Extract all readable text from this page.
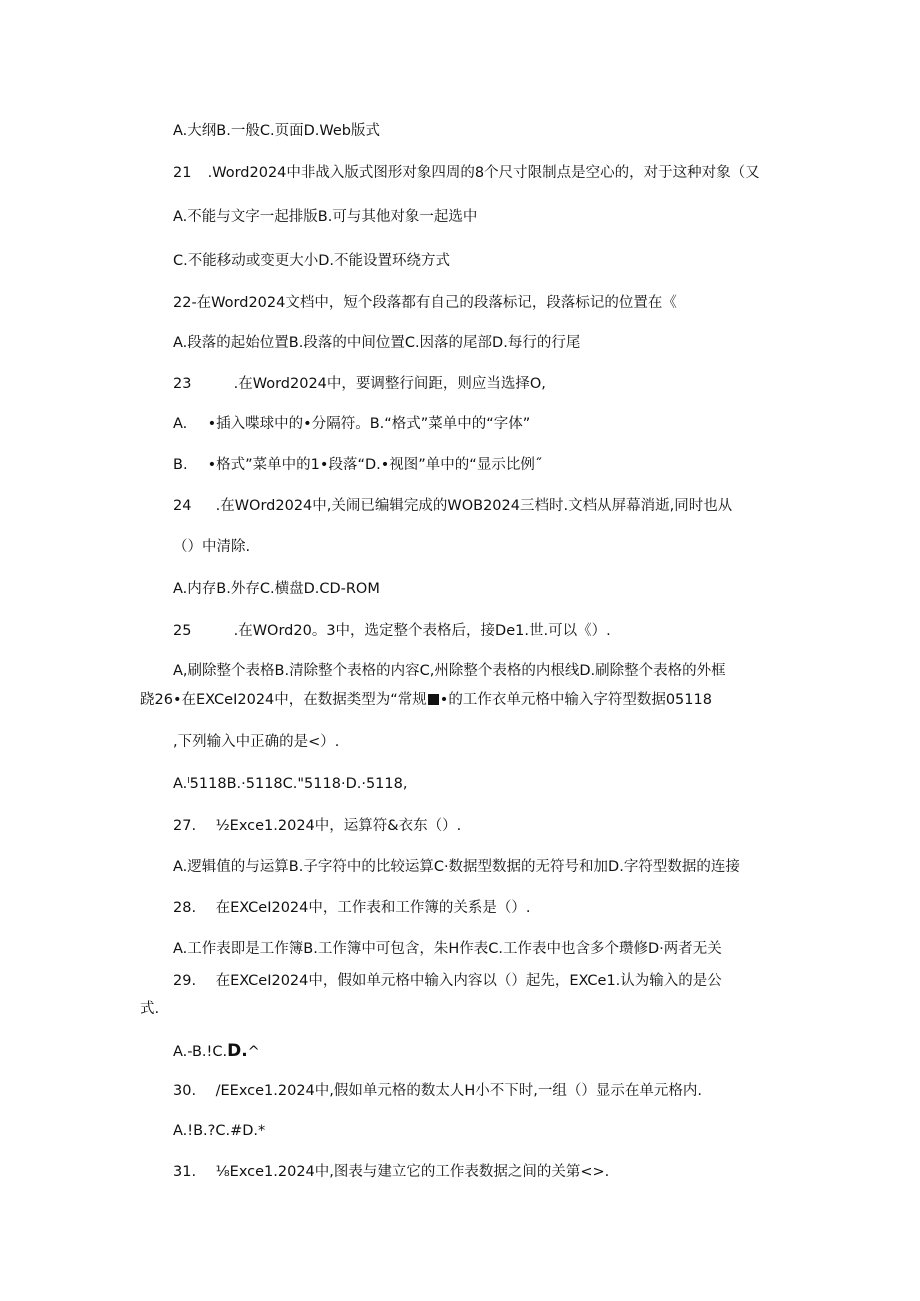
A.大纲B.一般C.页面D.Web版式
21 .Word2024中非战入版式图形对象四周的8个尺寸限制点是空心的，对于这种对象（又
A.不能与文字一起排版B.可与其他对象一起选中
C.不能移动或变更大小D.不能设置环绕方式
22-在Word2024文档中，短个段落都有自己的段落标记，段落标记的位置在《
A.段落的起始位置B.段落的中间位置C.因落的尾部D.每行的行尾
23	.在Word2024中，要调整行间距，则应当选择O,
A. •插入喋球中的•分隔符。B.“格式”菜单中的“字体”
B. •格式”菜单中的1•段落“D.•视图”单中的“显示比例˝
24 .在WOrd2024中,关闹已编辑完成的WOB2024三档时.文档从屏幕消逝,同时也从
（）中清除.
A.内存B.外存C.横盘D.CD-ROM
25	.在WOrd20。3中，选定整个表格后，接De1.世.可以《）.
A,刷除整个表格B.清除整个表格的内容C,州除整个表格的内根线D.刷除整个表格的外框
跷26•在EXCeI2024中，在数据类型为“常规 •的工作衣单元格中输入字符型数据05118
,下列输入中正确的是<）.
A.ˡ5118B.·5118C."5118·D.·5118,
27. ½Exce1.2024中，运算符&衣东（）.
A.逻辑值的与运算B.子字符中的比较运算C·数据型数据的无符号和加D.字符型数据的连接
28. 在EXCeI2024中，工作表和工作簿的关系是（）.
A.工作表即是工作簿B.工作簿中可包含，朱H作表C.工作表中也含多个瓒修D·两者无关
29. 在EXCeI2024中，假如单元格中输入内容以（）起先，EXCe1.认为输入的是公
式.
A.-B.!C.D.^
30. /EExce1.2024中,假如单元格的数太人H小不下时,一组（）显示在单元格内.
A.!B.?C.#D.*
31. ⅛Exce1.2024中,图表与建立它的工作表数据之间的关第<>.
